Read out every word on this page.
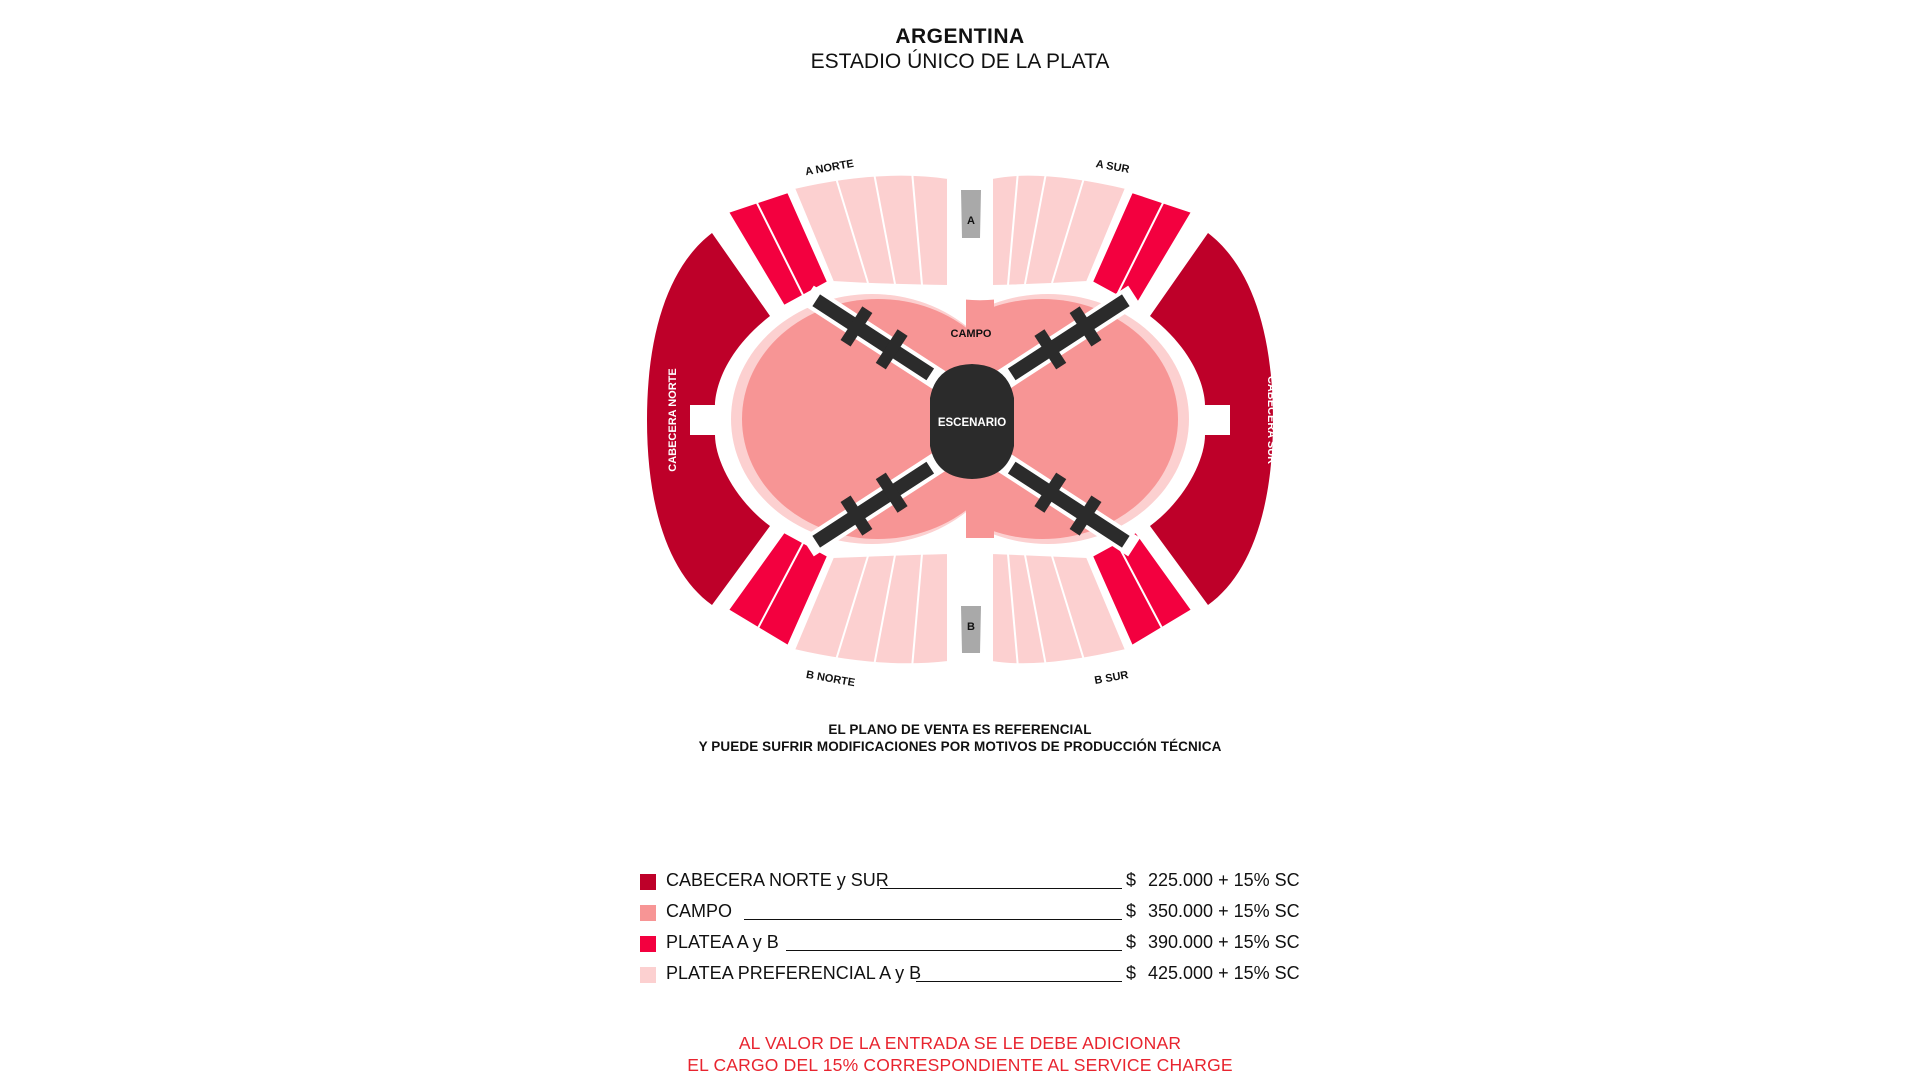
ARGENTINA
ESTADIO ÚNICO DE LA PLATA
A
B
CAMPO
ESCENARIO
A NORTE	A SUR
B NORTE	B SUR
CABECERA NORTE	CABECERA SUR
EL PLANO DE VENTA ES REFERENCIAL
Y PUEDE SUFRIR MODIFICACIONES POR MOTIVOS DE PRODUCCIÓN TÉCNICA
CABECERA NORTE y SUR	$ 225.000 + 15% SC
CAMPO	$ 350.000 + 15% SC
PLATEA A y B	$ 390.000 + 15% SC
PLATEA PREFERENCIAL A y B	$ 425.000 + 15% SC
AL VALOR DE LA ENTRADA SE LE DEBE ADICIONAR
EL CARGO DEL 15% CORRESPONDIENTE AL SERVICE CHARGE
